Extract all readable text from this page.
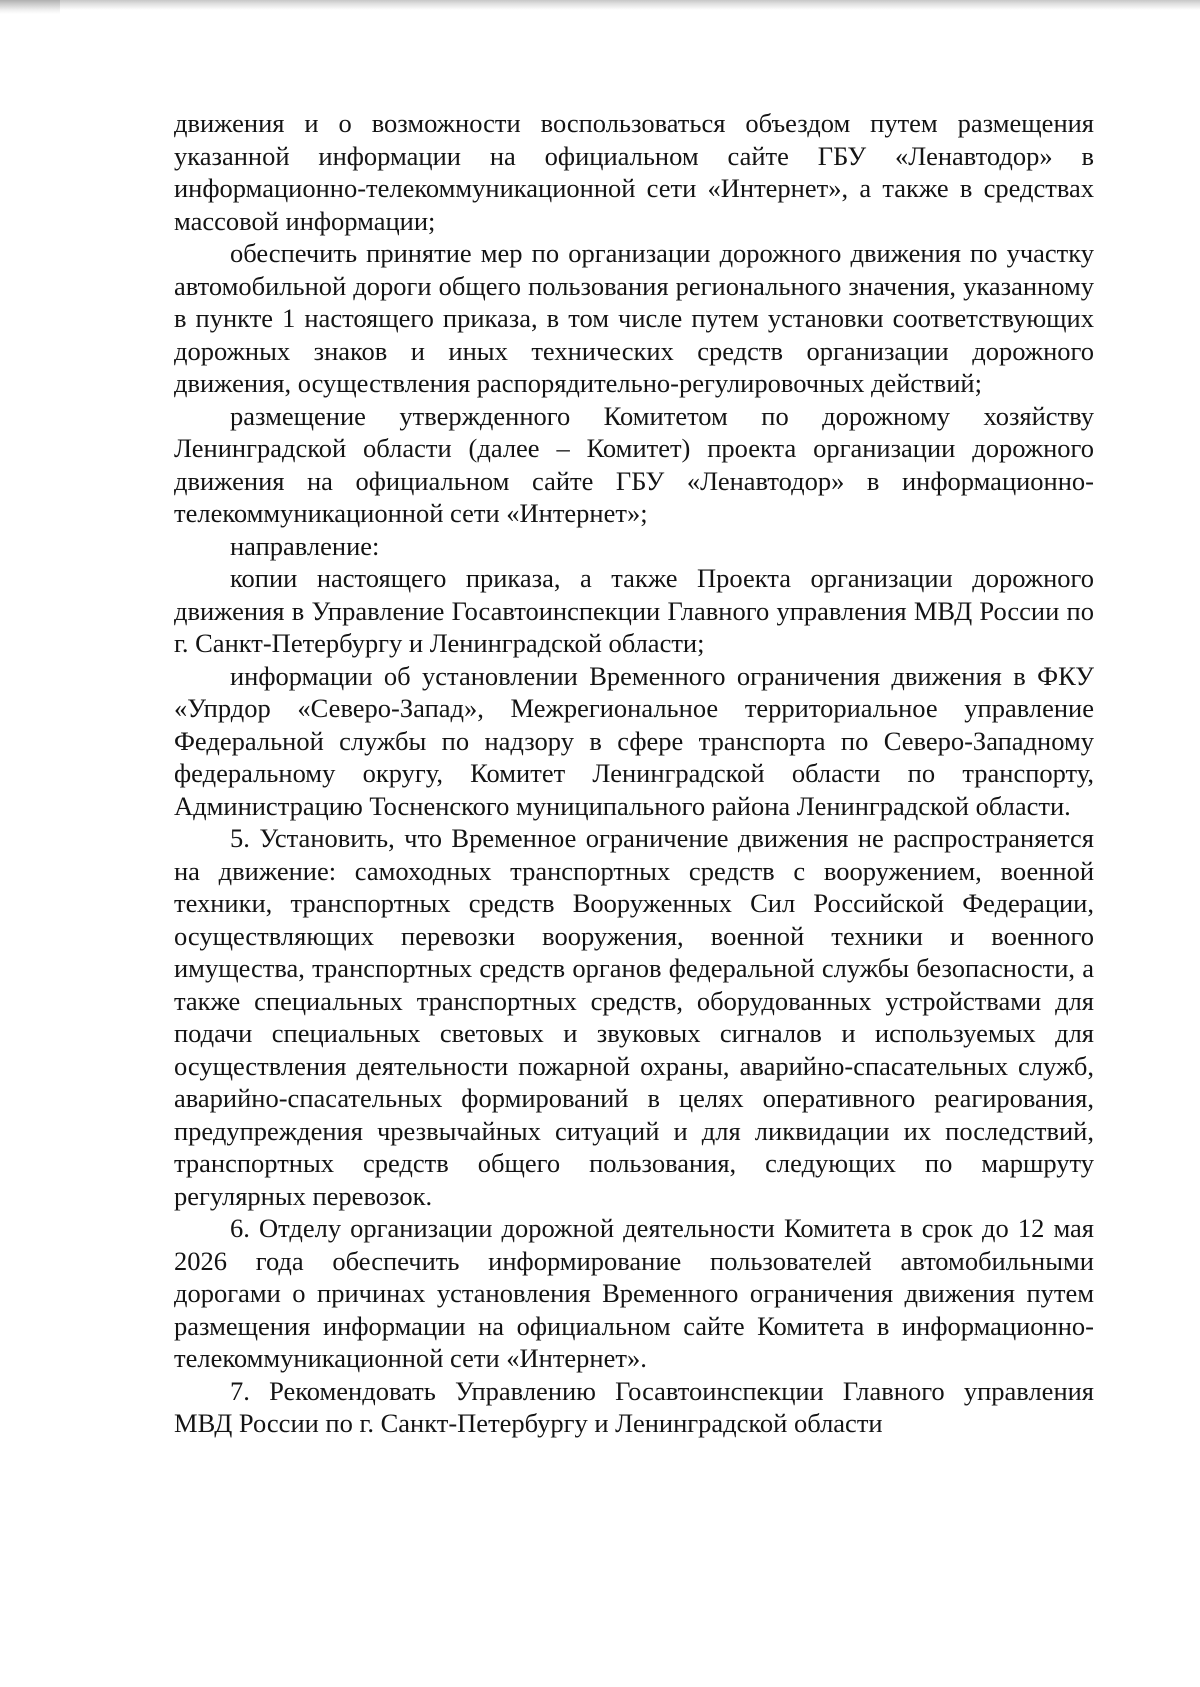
движения и о возможности воспользоваться объездом путем размещения указанной информации на официальном сайте ГБУ «Ленавтодор» в информационно-телекоммуникационной сети «Интернет», а также в средствах массовой информации;

обеспечить принятие мер по организации дорожного движения по участку автомобильной дороги общего пользования регионального значения, указанному в пункте 1 настоящего приказа, в том числе путем установки соответствующих дорожных знаков и иных технических средств организации дорожного движения, осуществления распорядительно-регулировочных действий;

размещение утвержденного Комитетом по дорожному хозяйству Ленинградской области (далее – Комитет) проекта организации дорожного движения на официальном сайте ГБУ «Ленавтодор» в информационно-телекоммуникационной сети «Интернет»;

направление:

копии настоящего приказа, а также Проекта организации дорожного движения в Управление Госавтоинспекции Главного управления МВД России по г. Санкт-Петербургу и Ленинградской области;

информации об установлении Временного ограничения движения в ФКУ «Упрдор «Северо-Запад», Межрегиональное территориальное управление Федеральной службы по надзору в сфере транспорта по Северо-Западному федеральному округу, Комитет Ленинградской области по транспорту, Администрацию Тосненского муниципального района Ленинградской области.

5. Установить, что Временное ограничение движения не распространяется на движение: самоходных транспортных средств с вооружением, военной техники, транспортных средств Вооруженных Сил Российской Федерации, осуществляющих перевозки вооружения, военной техники и военного имущества, транспортных средств органов федеральной службы безопасности, а также специальных транспортных средств, оборудованных устройствами для подачи специальных световых и звуковых сигналов и используемых для осуществления деятельности пожарной охраны, аварийно-спасательных служб, аварийно-спасательных формирований в целях оперативного реагирования, предупреждения чрезвычайных ситуаций и для ликвидации их последствий, транспортных средств общего пользования, следующих по маршруту регулярных перевозок.

6. Отделу организации дорожной деятельности Комитета в срок до 12 мая 2026 года обеспечить информирование пользователей автомобильными дорогами о причинах установления Временного ограничения движения путем размещения информации на официальном сайте Комитета в информационно-телекоммуникационной сети «Интернет».

7. Рекомендовать Управлению Госавтоинспекции Главного управления МВД России по г. Санкт-Петербургу и Ленинградской области
